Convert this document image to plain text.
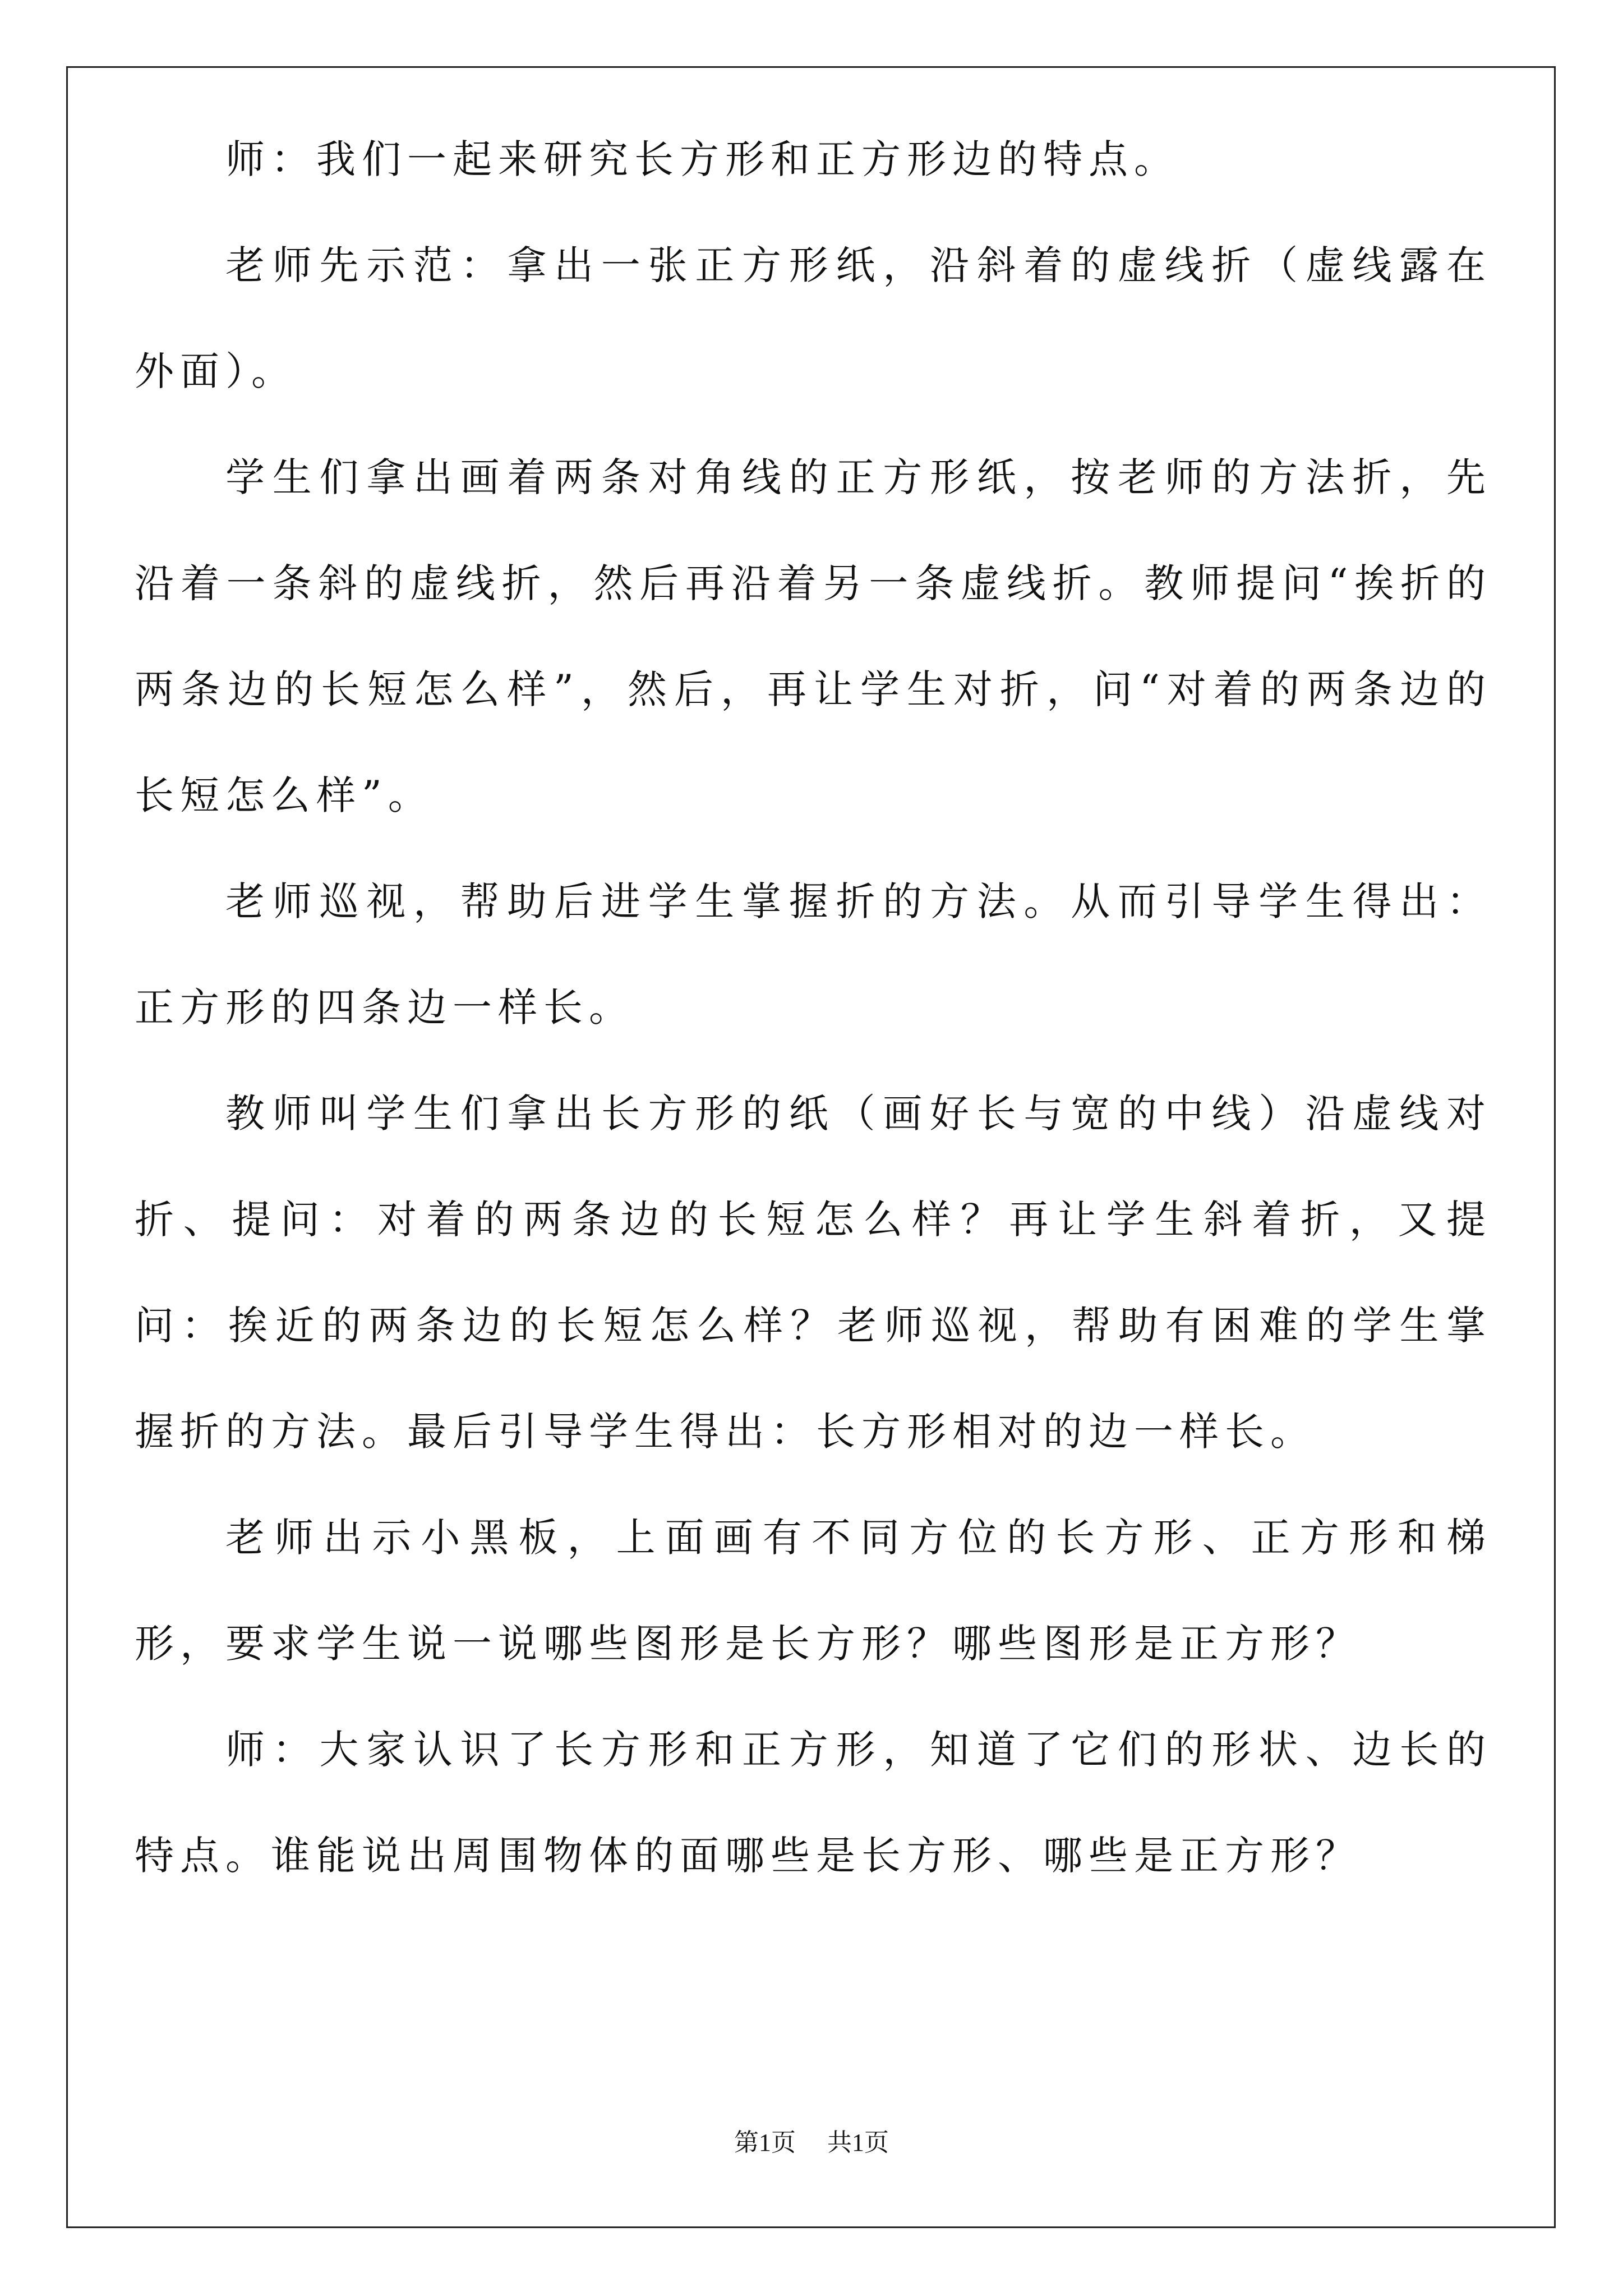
师：我们一起来研究长方形和正方形边的特点。

老师先示范：拿出一张正方形纸，沿斜着的虚线折（虚线露在外面）。

学生们拿出画着两条对角线的正方形纸，按老师的方法折，先沿着一条斜的虚线折，然后再沿着另一条虚线折。教师提问“挨折的两条边的长短怎么样”，然后，再让学生对折，问“对着的两条边的长短怎么样”。

老师巡视，帮助后进学生掌握折的方法。从而引导学生得出：正方形的四条边一样长。

教师叫学生们拿出长方形的纸（画好长与宽的中线）沿虚线对折、提问：对着的两条边的长短怎么样？再让学生斜着折，又提问：挨近的两条边的长短怎么样？老师巡视，帮助有困难的学生掌握折的方法。最后引导学生得出：长方形相对的边一样长。

老师出示小黑板，上面画有不同方位的长方形、正方形和梯形，要求学生说一说哪些图形是长方形？哪些图形是正方形？

师：大家认识了长方形和正方形，知道了它们的形状、边长的特点。谁能说出周围物体的面哪些是长方形、哪些是正方形？

第1页 共1页
